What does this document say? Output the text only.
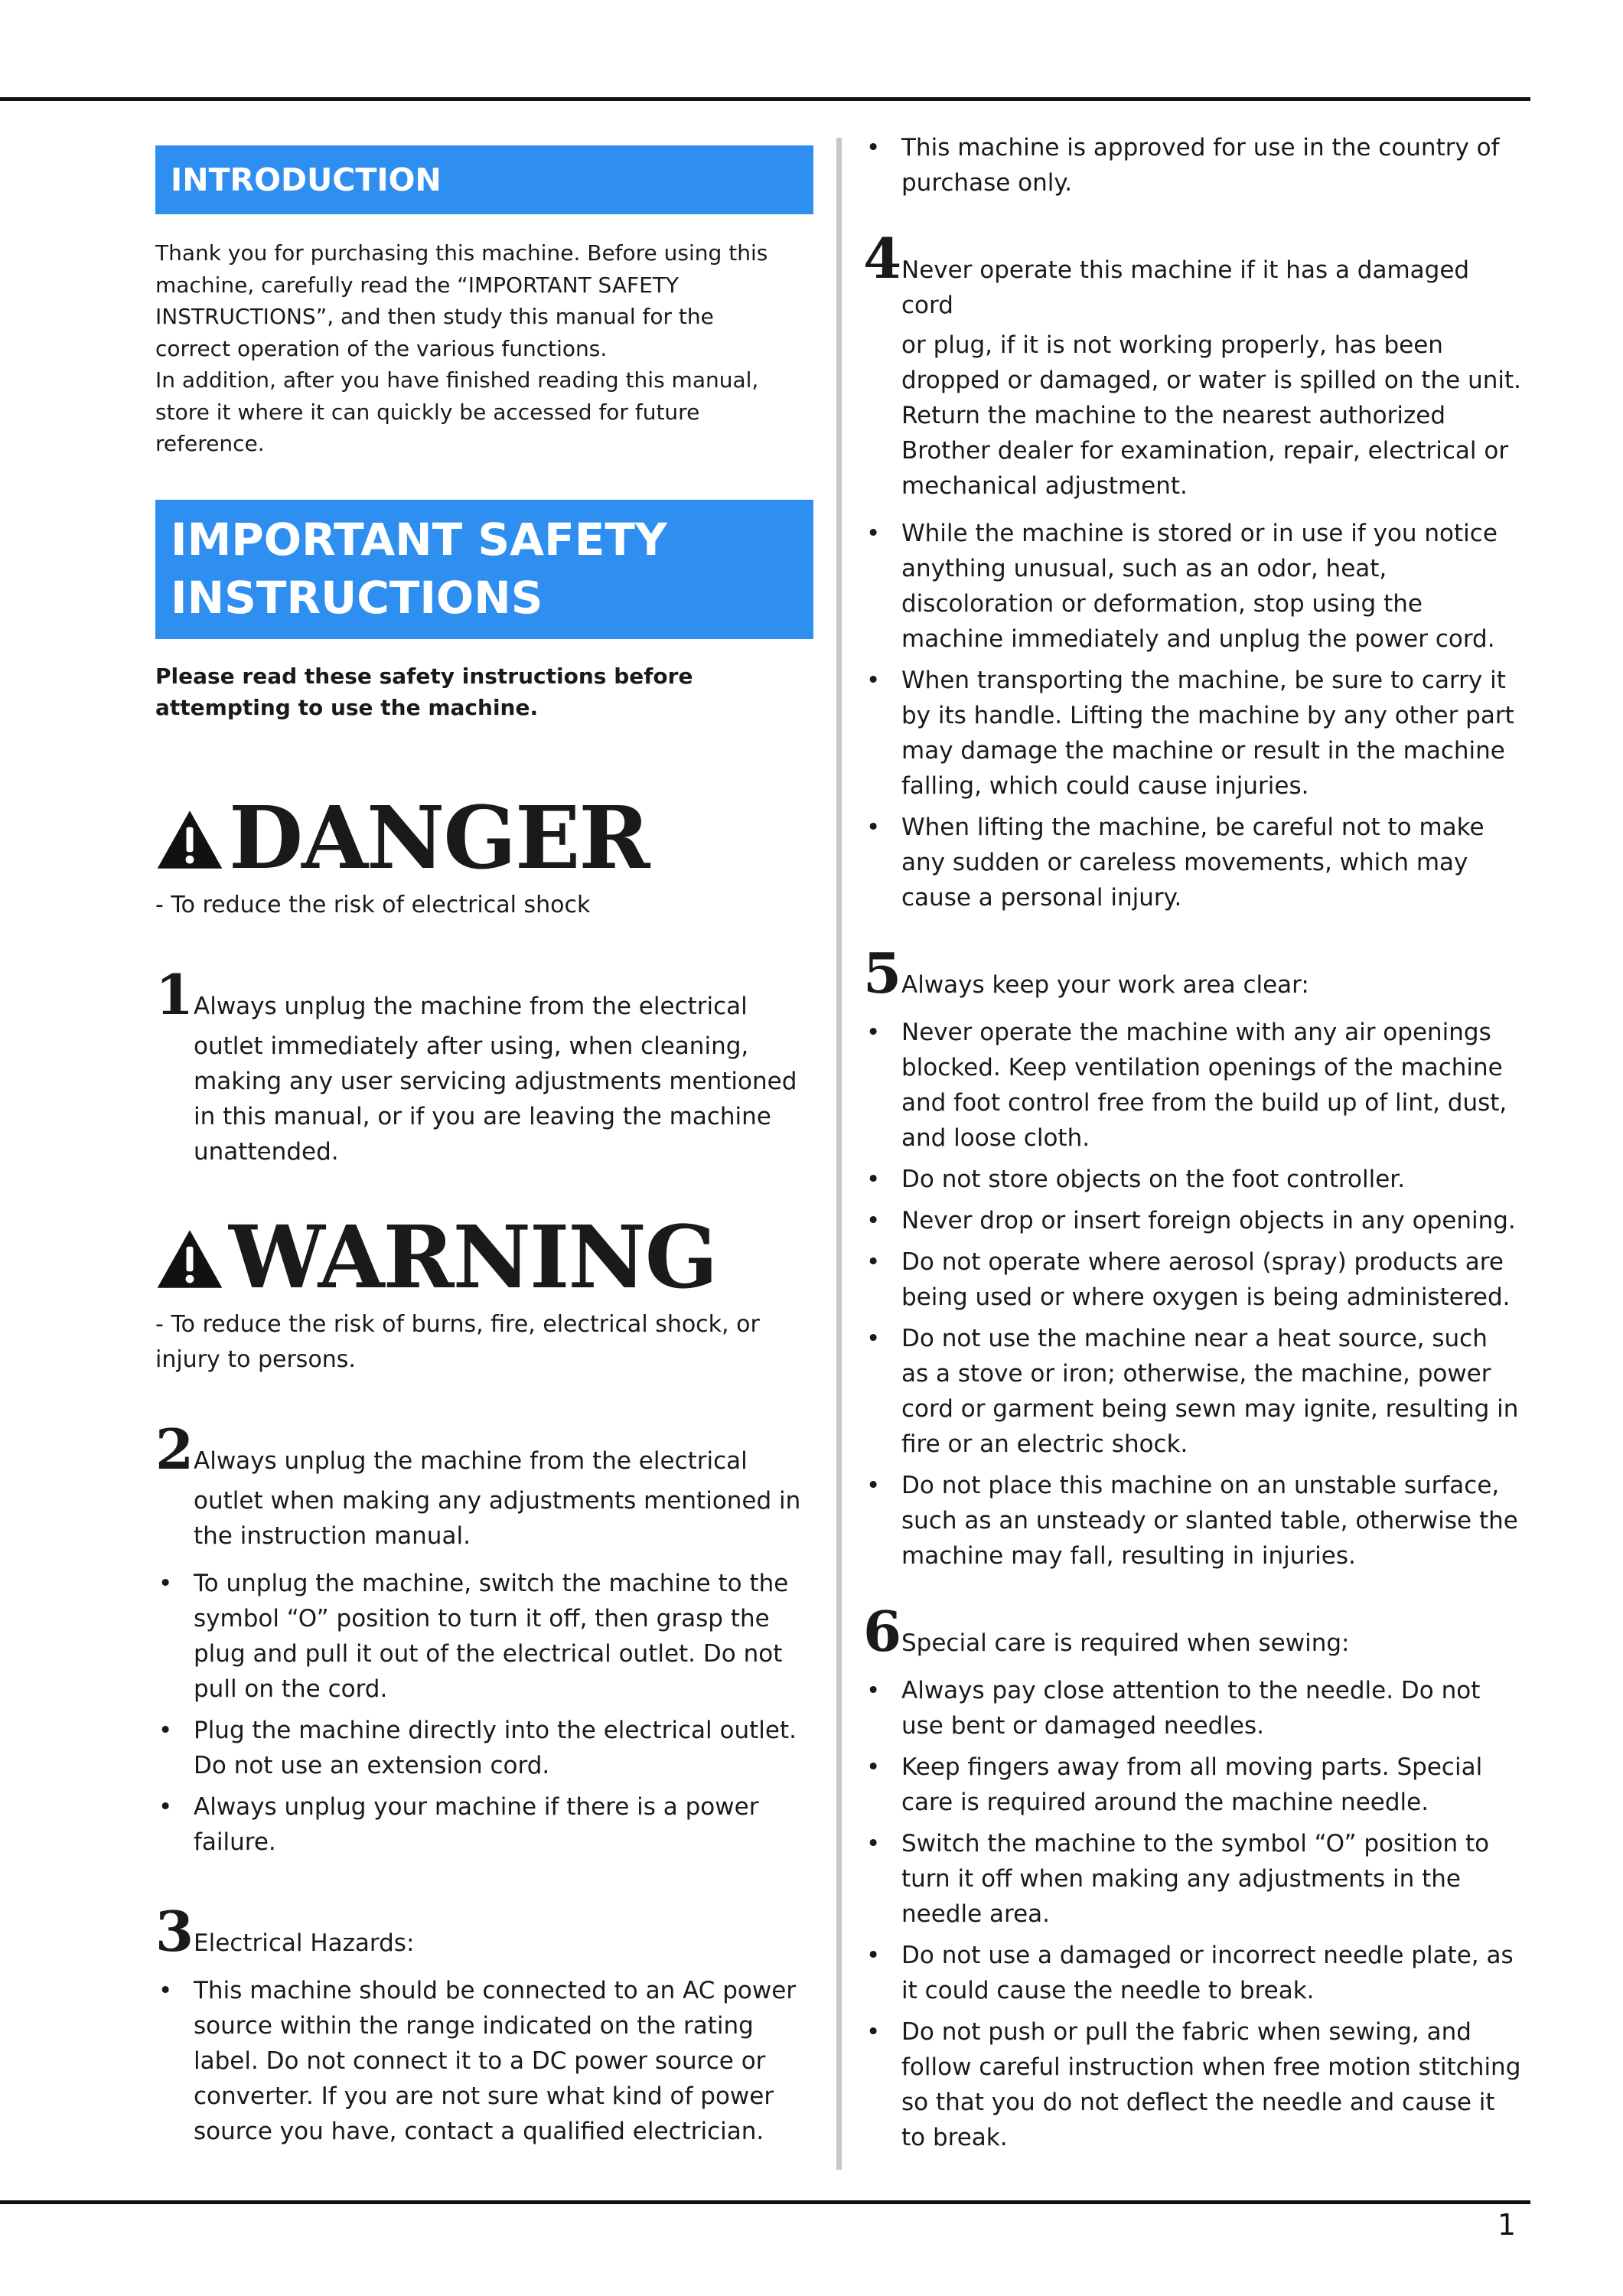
INTRODUCTION
Thank you for purchasing this machine. Before using this
machine, carefully read the “IMPORTANT SAFETY
INSTRUCTIONS”, and then study this manual for the
correct operation of the various functions.
In addition, after you have finished reading this manual,
store it where it can quickly be accessed for future
reference.
IMPORTANT SAFETY
INSTRUCTIONS
Please read these safety instructions before attempting to use the machine.
DANGER
- To reduce the risk of electrical shock
1 Always unplug the machine from the electrical
outlet immediately after using, when cleaning, making any user servicing adjustments mentioned in this manual, or if you are leaving the machine unattended.
WARNING
- To reduce the risk of burns, fire, electrical shock, or injury to persons.
2 Always unplug the machine from the electrical
outlet when making any adjustments mentioned in the instruction manual.
• To unplug the machine, switch the machine to the symbol “O” position to turn it off, then grasp the plug and pull it out of the electrical outlet. Do not pull on the cord.
• Plug the machine directly into the electrical outlet. Do not use an extension cord.
• Always unplug your machine if there is a power failure.
3 Electrical Hazards:
• This machine should be connected to an AC power source within the range indicated on the rating label. Do not connect it to a DC power source or converter. If you are not sure what kind of power source you have, contact a qualified electrician.
• This machine is approved for use in the country of purchase only.
4 Never operate this machine if it has a damaged cord
or plug, if it is not working properly, has been dropped or damaged, or water is spilled on the unit. Return the machine to the nearest authorized Brother dealer for examination, repair, electrical or mechanical adjustment.
• While the machine is stored or in use if you notice anything unusual, such as an odor, heat, discoloration or deformation, stop using the machine immediately and unplug the power cord.
• When transporting the machine, be sure to carry it by its handle. Lifting the machine by any other part may damage the machine or result in the machine falling, which could cause injuries.
• When lifting the machine, be careful not to make any sudden or careless movements, which may cause a personal injury.
5 Always keep your work area clear:
• Never operate the machine with any air openings blocked. Keep ventilation openings of the machine and foot control free from the build up of lint, dust, and loose cloth.
• Do not store objects on the foot controller.
• Never drop or insert foreign objects in any opening.
• Do not operate where aerosol (spray) products are being used or where oxygen is being administered.
• Do not use the machine near a heat source, such as a stove or iron; otherwise, the machine, power cord or garment being sewn may ignite, resulting in fire or an electric shock.
• Do not place this machine on an unstable surface, such as an unsteady or slanted table, otherwise the machine may fall, resulting in injuries.
6 Special care is required when sewing:
• Always pay close attention to the needle. Do not use bent or damaged needles.
• Keep fingers away from all moving parts. Special care is required around the machine needle.
• Switch the machine to the symbol “O” position to turn it off when making any adjustments in the needle area.
• Do not use a damaged or incorrect needle plate, as it could cause the needle to break.
• Do not push or pull the fabric when sewing, and follow careful instruction when free motion stitching so that you do not deflect the needle and cause it to break.
1
